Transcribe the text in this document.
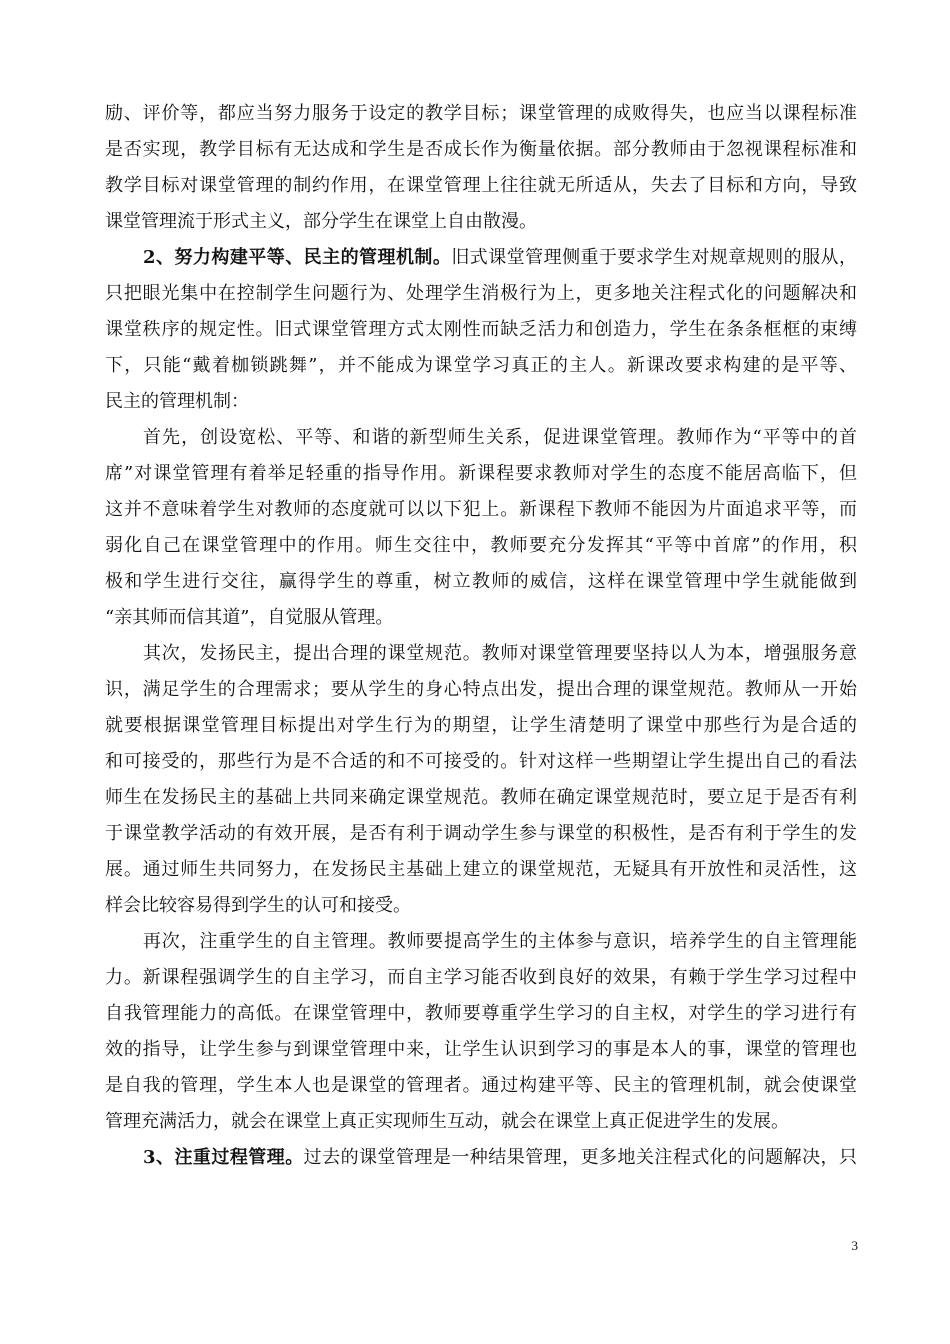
励、评价等，都应当努力服务于设定的教学目标；课堂管理的成败得失，也应当以课程标准
是否实现，教学目标有无达成和学生是否成长作为衡量依据。部分教师由于忽视课程标准和
教学目标对课堂管理的制约作用，在课堂管理上往往就无所适从，失去了目标和方向，导致
课堂管理流于形式主义，部分学生在课堂上自由散漫。
2、努力构建平等、民主的管理机制。旧式课堂管理侧重于要求学生对规章规则的服从，
只把眼光集中在控制学生问题行为、处理学生消极行为上，更多地关注程式化的问题解决和
课堂秩序的规定性。旧式课堂管理方式太刚性而缺乏活力和创造力，学生在条条框框的束缚
下，只能“戴着枷锁跳舞”，并不能成为课堂学习真正的主人。新课改要求构建的是平等、
民主的管理机制：
首先，创设宽松、平等、和谐的新型师生关系，促进课堂管理。教师作为“平等中的首
席”对课堂管理有着举足轻重的指导作用。新课程要求教师对学生的态度不能居高临下，但
这并不意味着学生对教师的态度就可以以下犯上。新课程下教师不能因为片面追求平等，而
弱化自己在课堂管理中的作用。师生交往中，教师要充分发挥其“平等中首席”的作用，积
极和学生进行交往，赢得学生的尊重，树立教师的威信，这样在课堂管理中学生就能做到
“亲其师而信其道”，自觉服从管理。
其次，发扬民主，提出合理的课堂规范。教师对课堂管理要坚持以人为本，增强服务意
识，满足学生的合理需求；要从学生的身心特点出发，提出合理的课堂规范。教师从一开始
就要根据课堂管理目标提出对学生行为的期望，让学生清楚明了课堂中那些行为是合适的
和可接受的，那些行为是不合适的和不可接受的。针对这样一些期望让学生提出自己的看法
师生在发扬民主的基础上共同来确定课堂规范。教师在确定课堂规范时，要立足于是否有利
于课堂教学活动的有效开展，是否有利于调动学生参与课堂的积极性，是否有利于学生的发
展。通过师生共同努力，在发扬民主基础上建立的课堂规范，无疑具有开放性和灵活性，这
样会比较容易得到学生的认可和接受。
再次，注重学生的自主管理。教师要提高学生的主体参与意识，培养学生的自主管理能
力。新课程强调学生的自主学习，而自主学习能否收到良好的效果，有赖于学生学习过程中
自我管理能力的高低。在课堂管理中，教师要尊重学生学习的自主权，对学生的学习进行有
效的指导，让学生参与到课堂管理中来，让学生认识到学习的事是本人的事，课堂的管理也
是自我的管理，学生本人也是课堂的管理者。通过构建平等、民主的管理机制，就会使课堂
管理充满活力，就会在课堂上真正实现师生互动，就会在课堂上真正促进学生的发展。
3、注重过程管理。过去的课堂管理是一种结果管理，更多地关注程式化的问题解决，只
3
